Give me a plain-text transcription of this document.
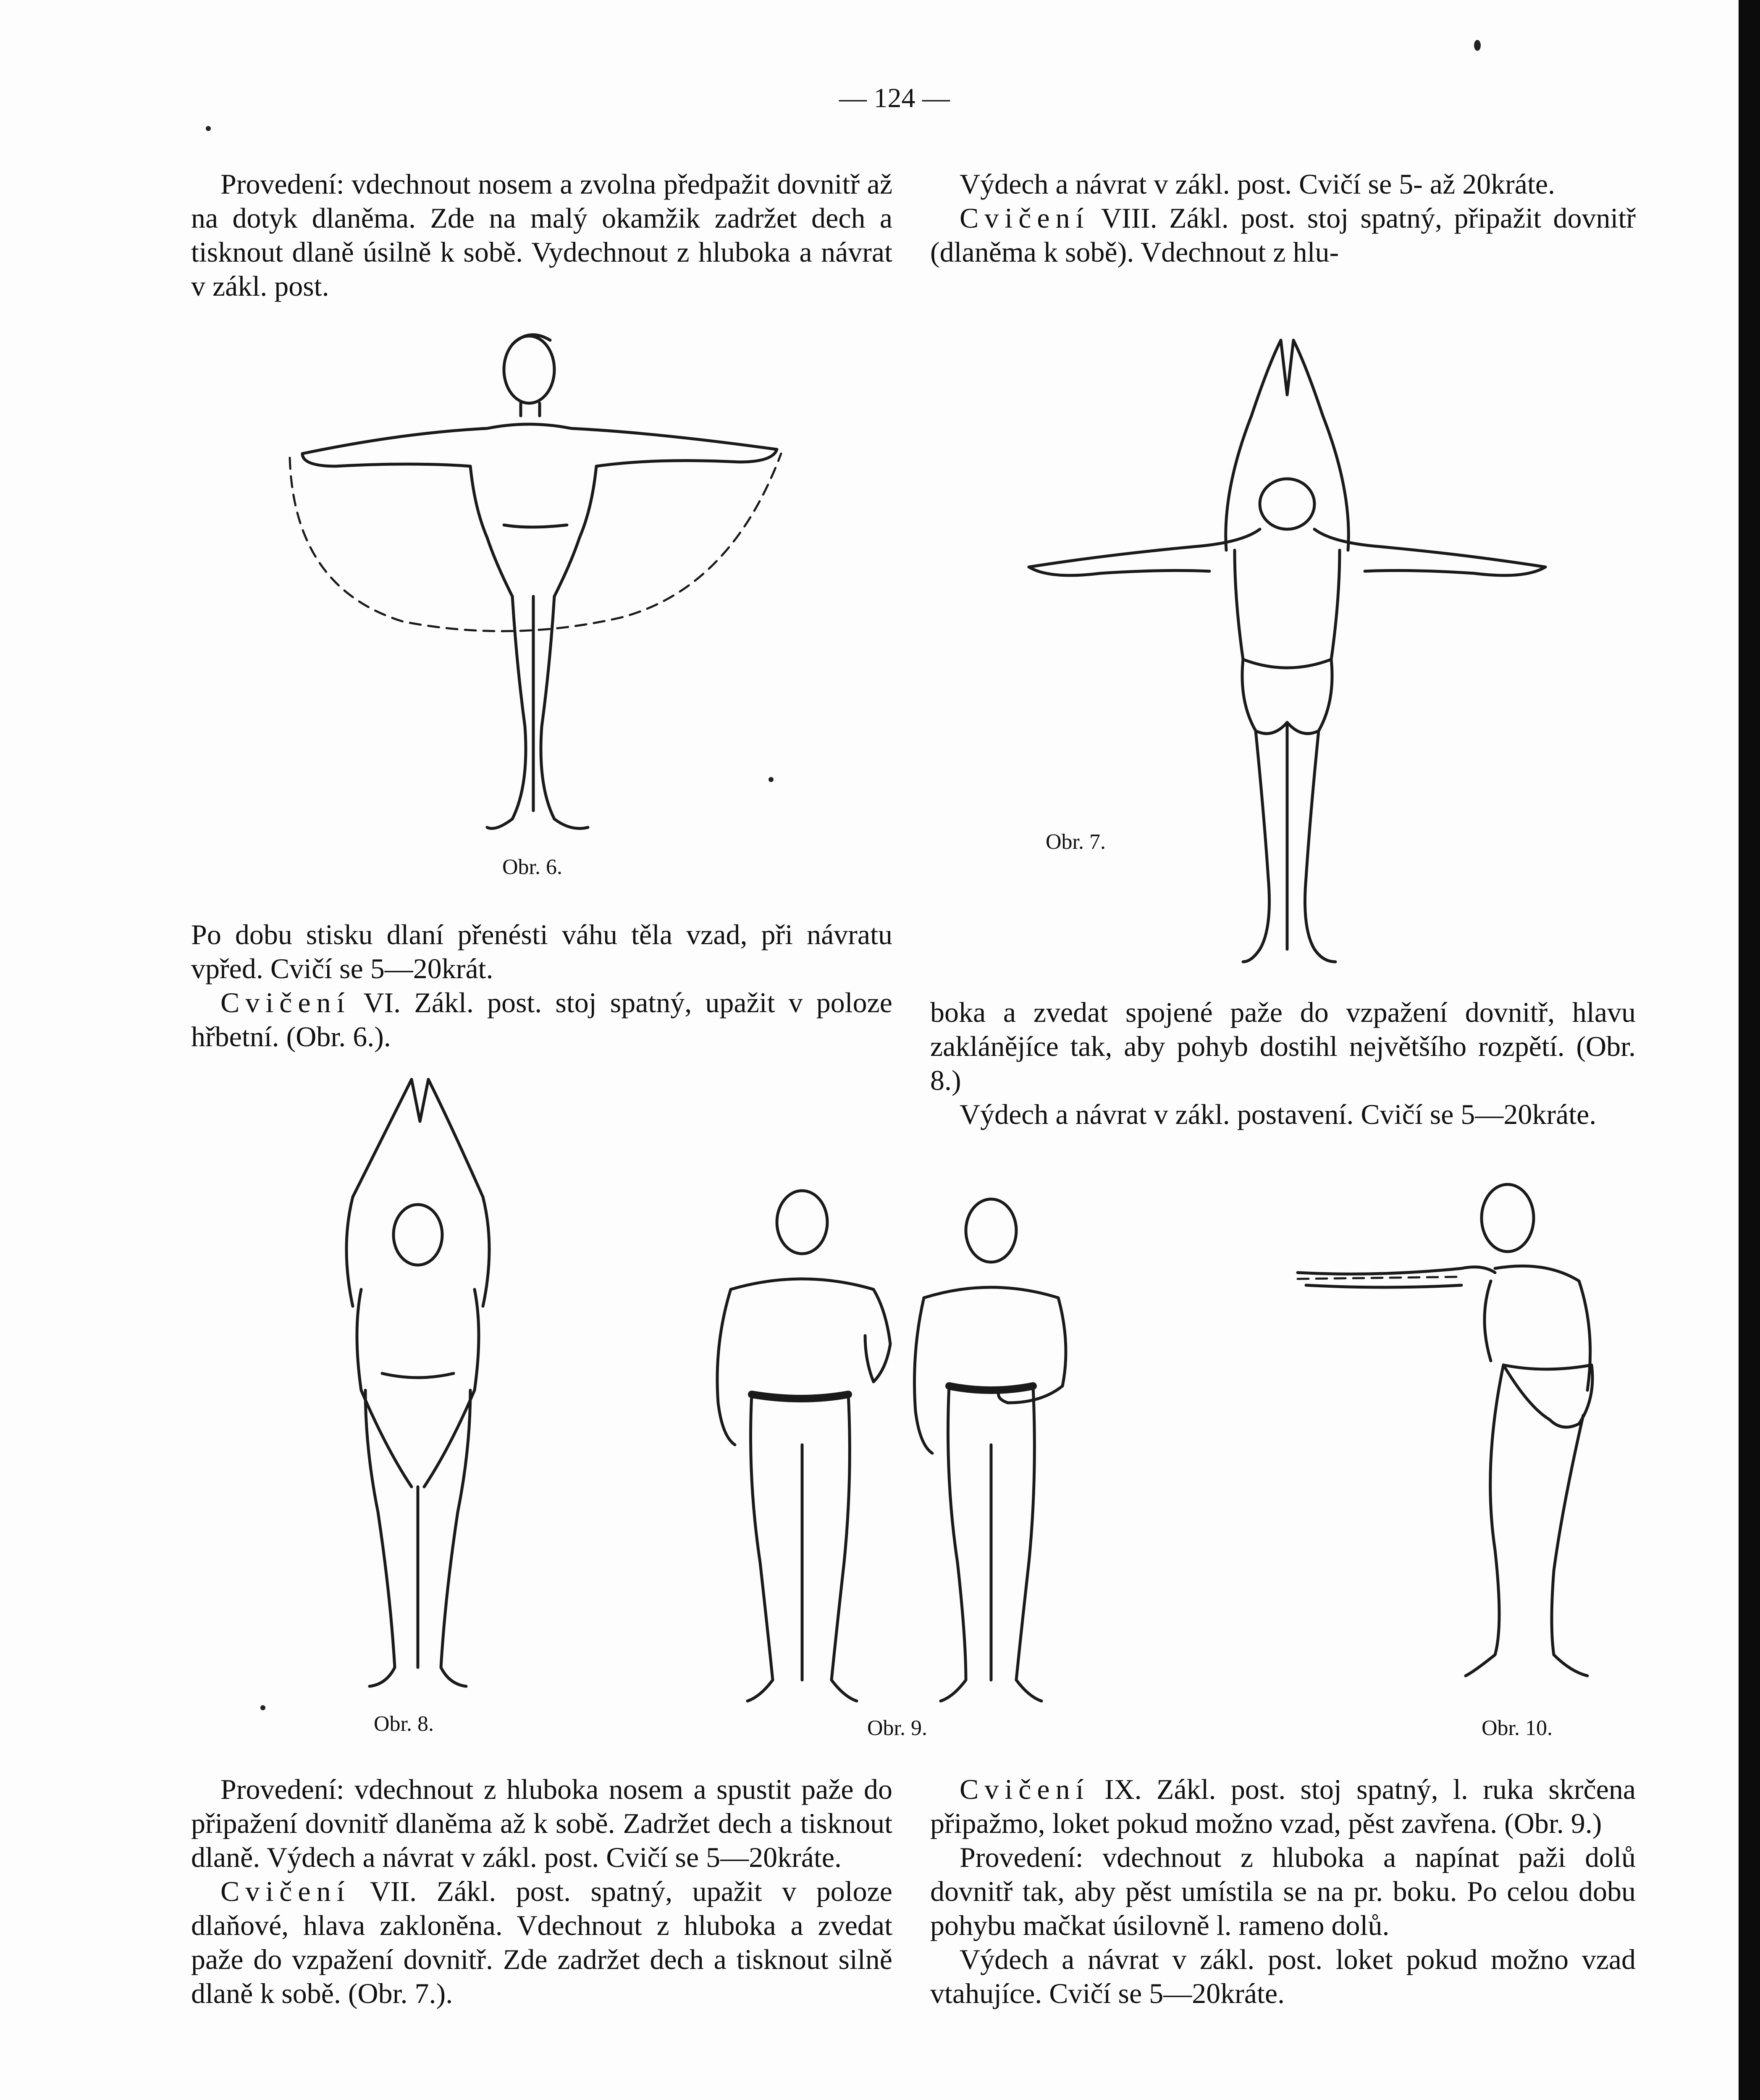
— 124 —

Provedení: vdechnout nosem a zvolna předpažit dovnitř až na dotyk dlaněma. Zde na malý okamžik zadržet dech a tisknout dlaně úsilně k sobě. Vydechnout z hluboka a návrat v zákl. post.

Výdech a návrat v zákl. post. Cvičí se 5- až 20kráte.

Cvičení VIII. Zákl. post. stoj spatný, připažit dovnitř (dlaněma k sobě). Vdechnout z hlu-

Obr. 6.
Obr. 7.

Po dobu stisku dlaní přenésti váhu těla vzad, při návratu vpřed. Cvičí se 5—20krát.

Cvičení VI. Zákl. post. stoj spatný, upažit v poloze hřbetní. (Obr. 6.).

boka a zvedat spojené paže do vzpažení dovnitř, hlavu zaklánějíce tak, aby pohyb dostihl největšího rozpětí. (Obr. 8.)

Výdech a návrat v zákl. postavení. Cvičí se 5—20kráte.

Obr. 8.	Obr. 9.	Obr. 10.

Provedení: vdechnout z hluboka nosem a spustit paže do připažení dovnitř dlaněma až k sobě. Zadržet dech a tisknout dlaně. Výdech a návrat v zákl. post. Cvičí se 5—20kráte.

Cvičení VII. Zákl. post. spatný, upažit v poloze dlaňové, hlava zakloněna. Vdechnout z hluboka a zvedat paže do vzpažení dovnitř. Zde zadržet dech a tisknout silně dlaně k sobě. (Obr. 7.).

Cvičení IX. Zákl. post. stoj spatný, l. ruka skrčena připažmo, loket pokud možno vzad, pěst zavřena. (Obr. 9.)

Provedení: vdechnout z hluboka a napínat paži dolů dovnitř tak, aby pěst umístila se na pr. boku. Po celou dobu pohybu mačkat úsilovně l. rameno dolů.

Výdech a návrat v zákl. post. loket pokud možno vzad vtahujíce. Cvičí se 5—20kráte.
